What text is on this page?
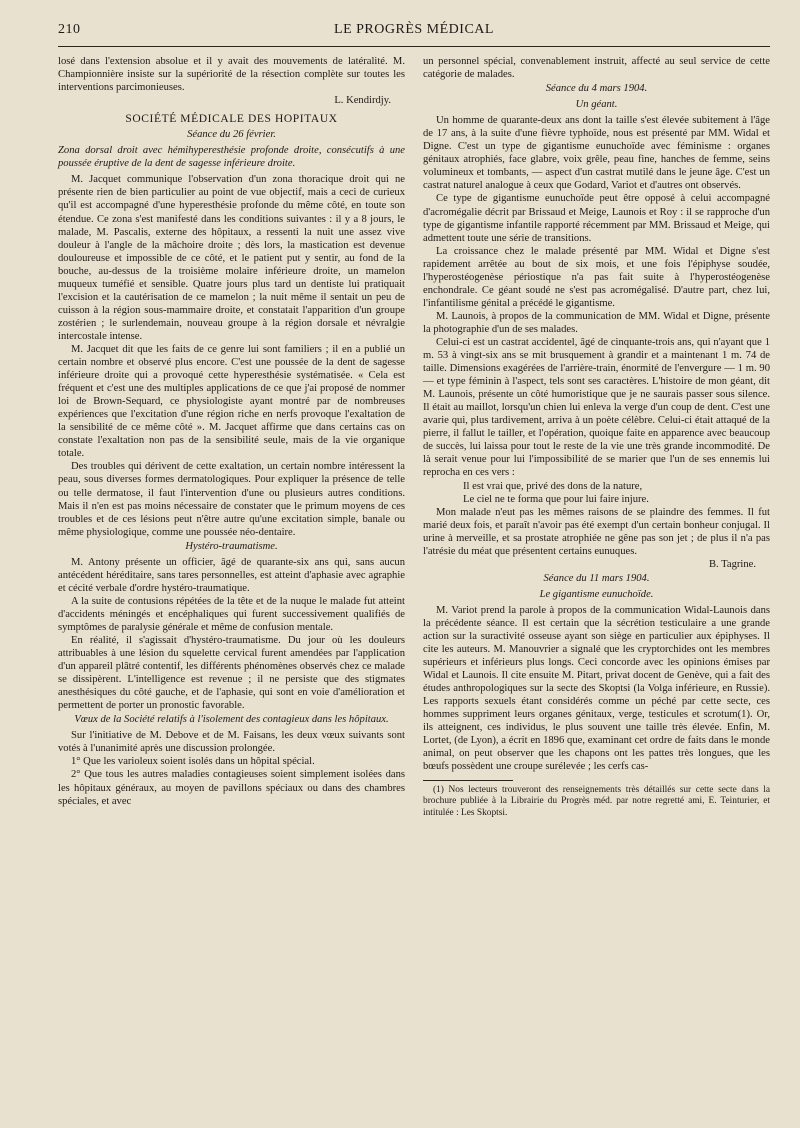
210	LE PROGRÈS MÉDICAL

losé dans l'extension absolue et il y avait des mouvements de latéralité. M. Championnière insiste sur la supériorité de la résection complète sur toutes les interventions parcimonieuses.

L. Kendirdjy.

SOCIÉTÉ MÉDICALE DES HOPITAUX
Séance du 26 février.

Zona dorsal droit avec hémihyperesthésie profonde droite, consécutifs à une poussée éruptive de la dent de sagesse inférieure droite.

M. Jacquet communique l'observation d'un zona thoracique droit qui ne présente rien de bien particulier au point de vue objectif, mais a ceci de curieux qu'il est accompagné d'une hyperesthésie profonde du même côté, en toute son étendue. Ce zona s'est manifesté dans les conditions suivantes : il y a 8 jours, le malade, M. Pascalis, externe des hôpitaux, a ressenti la nuit une assez vive douleur à l'angle de la mâchoire droite ; dès lors, la mastication est devenue douloureuse et impossible de ce côté, et le patient put y sentir, au fond de la bouche, au-dessus de la troisième molaire inférieure droite, un mamelon muqueux tuméfié et sensible. Quatre jours plus tard un dentiste lui pratiquait l'excision et la cautérisation de ce mamelon ; la nuit même il sentait un peu de cuisson à la région sous-mammaire droite, et constatait l'apparition d'un groupe zostérien ; le surlendemain, nouveau groupe à la région dorsale et névralgie intercostale intense.

M. Jacquet dit que les faits de ce genre lui sont familiers ; il en a publié un certain nombre et observé plus encore. C'est une poussée de la dent de sagesse inférieure droite qui a provoqué cette hyperesthésie systématisée. « Cela est fréquent et c'est une des multiples applications de ce que j'ai proposé de nommer loi de Brown-Sequard, ce physiologiste ayant montré par de nombreuses expériences que l'excitation d'une région riche en nerfs provoque l'exaltation de la sensibilité de ce même côté ». M. Jacquet affirme que dans certains cas on constate l'exaltation non pas de la sensibilité seule, mais de la vie organique totale.

Des troubles qui dérivent de cette exaltation, un certain nombre intéressent la peau, sous diverses formes dermatologiques. Pour expliquer la présence de telle ou telle dermatose, il faut l'intervention d'une ou plusieurs autres conditions. Mais il n'en est pas moins nécessaire de constater que le primum moyens de ces troubles et de ces lésions peut n'être autre qu'une excitation simple, banale ou même physiologique, comme une poussée néo-dentaire.

Hystéro-traumatisme.

M. Antony présente un officier, âgé de quarante-six ans qui, sans aucun antécédent héréditaire, sans tares personnelles, est atteint d'aphasie avec agraphie et cécité verbale d'ordre hystéro-traumatique.

A la suite de contusions répétées de la tête et de la nuque le malade fut atteint d'accidents méningés et encéphaliques qui furent successivement qualifiés de symptômes de paralysie générale et même de confusion mentale.

En réalité, il s'agissait d'hystéro-traumatisme. Du jour où les douleurs attribuables à une lésion du squelette cervical furent amendées par l'application d'un appareil plâtré contentif, les différents phénomènes observés chez ce malade se dissipèrent. L'intelligence est revenue ; il ne persiste que des stigmates anesthésiques du côté gauche, et de l'aphasie, qui sont en voie d'amélioration et permettent de porter un pronostic favorable.

Vœux de la Société relatifs à l'isolement des contagieux dans les hôpitaux.

Sur l'initiative de M. Debove et de M. Faisans, les deux vœux suivants sont votés à l'unanimité après une discussion prolongée.

1° Que les varioleux soient isolés dans un hôpital spécial.

2° Que tous les autres maladies contagieuses soient simplement isolées dans les hôpitaux généraux, au moyen de pavillons spéciaux ou dans des chambres spéciales, et avec

un personnel spécial, convenablement instruit, affecté au seul service de cette catégorie de malades.

Séance du 4 mars 1904.
Un géant.

Un homme de quarante-deux ans dont la taille s'est élevée subitement à l'âge de 17 ans, à la suite d'une fièvre typhoïde, nous est présenté par MM. Widal et Digne. C'est un type de gigantisme eunuchoïde avec féminisme : organes génitaux atrophiés, face glabre, voix grêle, peau fine, hanches de femme, seins volumineux et tombants, — aspect d'un castrat mutilé dans le jeune âge. C'est un castrat naturel analogue à ceux que Godard, Variot et d'autres ont observés.

Ce type de gigantisme eunuchoïde peut être opposé à celui accompagné d'acromégalie décrit par Brissaud et Meige, Launois et Roy : il se rapproche d'un type de gigantisme infantile rapporté récemment par MM. Brissaud et Meige, qui admettent toute une série de transitions.

La croissance chez le malade présenté par MM. Widal et Digne s'est rapidement arrêtée au bout de six mois, et une fois l'épiphyse soudée, l'hyperostéogenèse périostique n'a pas fait suite à l'hyperostéogenèse enchondrale. Ce géant soudé ne s'est pas acromégalisé. D'autre part, chez lui, l'infantilisme génital a précédé le gigantisme.

M. Launois, à propos de la communication de MM. Widal et Digne, présente la photographie d'un de ses malades.

Celui-ci est un castrat accidentel, âgé de cinquante-trois ans, qui n'ayant que 1 m. 53 à vingt-six ans se mit brusquement à grandir et a maintenant 1 m. 74 de taille. Dimensions exagérées de l'arrière-train, énormité de l'envergure — 1 m. 90 — et type féminin à l'aspect, tels sont ses caractères. L'histoire de mon géant, dit M. Launois, présente un côté humoristique que je ne saurais passer sous silence. Il était au maillot, lorsqu'un chien lui enleva la verge d'un coup de dent. C'est une avarie qui, plus tardivement, arriva à un poète célèbre. Celui-ci était attaqué de la pierre, il fallut le tailler, et l'opération, quoique faite en apparence avec beaucoup de succès, lui laissa pour tout le reste de la vie une très grande incommodité. De là serait venue pour lui l'impossibilité de se marier que l'un de ses ennemis lui reprocha en ces vers :

Il est vrai que, privé des dons de la nature,

Le ciel ne te forma que pour lui faire injure.

Mon malade n'eut pas les mêmes raisons de se plaindre des femmes. Il fut marié deux fois, et paraît n'avoir pas été exempt d'un certain bonheur conjugal. Il urine à merveille, et sa prostate atrophiée ne gêne pas son jet ; de plus il n'a pas l'atrésie du méat que présentent certains eunuques.

B. Tagrine.

Séance du 11 mars 1904.
Le gigantisme eunuchoïde.

M. Variot prend la parole à propos de la communication Widal-Launois dans la précédente séance. Il est certain que la sécrétion testiculaire a une grande action sur la suractivité osseuse ayant son siège en particulier aux épiphyses. Il cite les auteurs. M. Manouvrier a signalé que les cryptorchides ont les membres supérieurs et inférieurs plus longs. Ceci concorde avec les opinions émises par Widal et Launois. Il cite ensuite M. Pitart, privat docent de Genève, qui a fait des études anthropologiques sur la secte des Skoptsi (la Volga inférieure, en Russie). Les rapports sexuels étant considérés comme un péché par cette secte, ces hommes suppriment leurs organes génitaux, verge, testicules et scrotum(1). Or, ils atteignent, ces individus, le plus souvent une taille très élevée. Enfin, M. Lortet, (de Lyon), a écrit en 1896 que, examinant cet ordre de faits dans le monde animal, on peut observer que les chapons ont les pattes très longues, que les bœufs possèdent une croupe surélevée ; les cerfs cas-

(1) Nos lecteurs trouveront des renseignements très détaillés sur cette secte dans la brochure publiée à la Librairie du Progrès méd. par notre regretté ami, E. Teinturier, et intitulée : Les Skoptsi.
